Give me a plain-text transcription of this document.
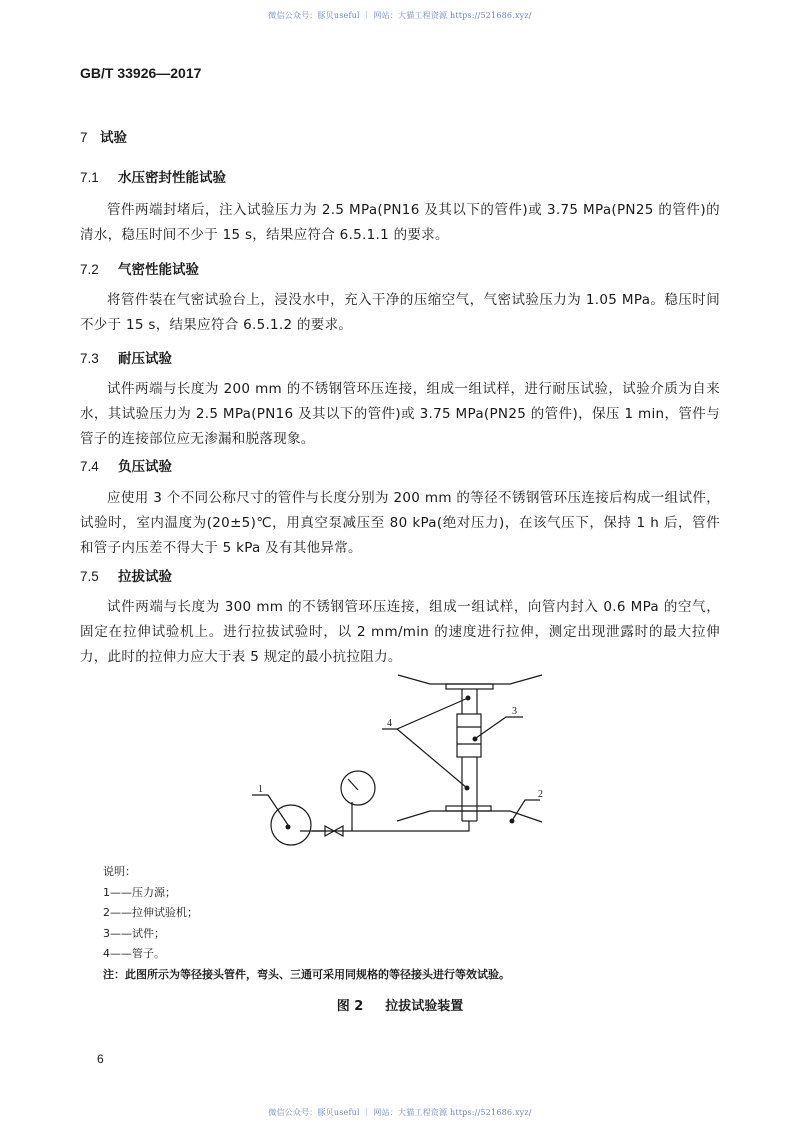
微信公众号：豚贝useful ｜ 网站：大猫工程资源 https://521686.xyz/
GB/T 33926—2017
7 试验
7.1 水压密封性能试验
管件两端封堵后，注入试验压力为 2.5 MPa(PN16 及其以下的管件)或 3.75 MPa(PN25 的管件)的清水，稳压时间不少于 15 s，结果应符合 6.5.1.1 的要求。
7.2 气密性能试验
将管件装在气密试验台上，浸没水中，充入干净的压缩空气，气密试验压力为 1.05 MPa。稳压时间不少于 15 s，结果应符合 6.5.1.2 的要求。
7.3 耐压试验
试件两端与长度为 200 mm 的不锈钢管环压连接，组成一组试样，进行耐压试验，试验介质为自来水，其试验压力为 2.5 MPa(PN16 及其以下的管件)或 3.75 MPa(PN25 的管件)，保压 1 min，管件与管子的连接部位应无渗漏和脱落现象。
7.4 负压试验
应使用 3 个不同公称尺寸的管件与长度分别为 200 mm 的等径不锈钢管环压连接后构成一组试件，试验时，室内温度为(20±5)℃，用真空泵减压至 80 kPa(绝对压力)，在该气压下，保持 1 h 后，管件和管子内压差不得大于 5 kPa 及有其他异常。
7.5 拉拔试验
试件两端与长度为 300 mm 的不锈钢管环压连接，组成一组试样，向管内封入 0.6 MPa 的空气，固定在拉伸试验机上。进行拉拔试验时，以 2 mm/min 的速度进行拉伸，测定出现泄露时的最大拉伸力，此时的拉伸力应大于表 5 规定的最小抗拉阻力。
1	2
3
4
说明：
1——压力源；
2——拉伸试验机；
3——试件；
4——管子。
注：此图所示为等径接头管件，弯头、三通可采用同规格的等径接头进行等效试验。
图 2 拉拔试验装置
6
微信公众号：豚贝useful ｜ 网站：大猫工程资源 https://521686.xyz/
